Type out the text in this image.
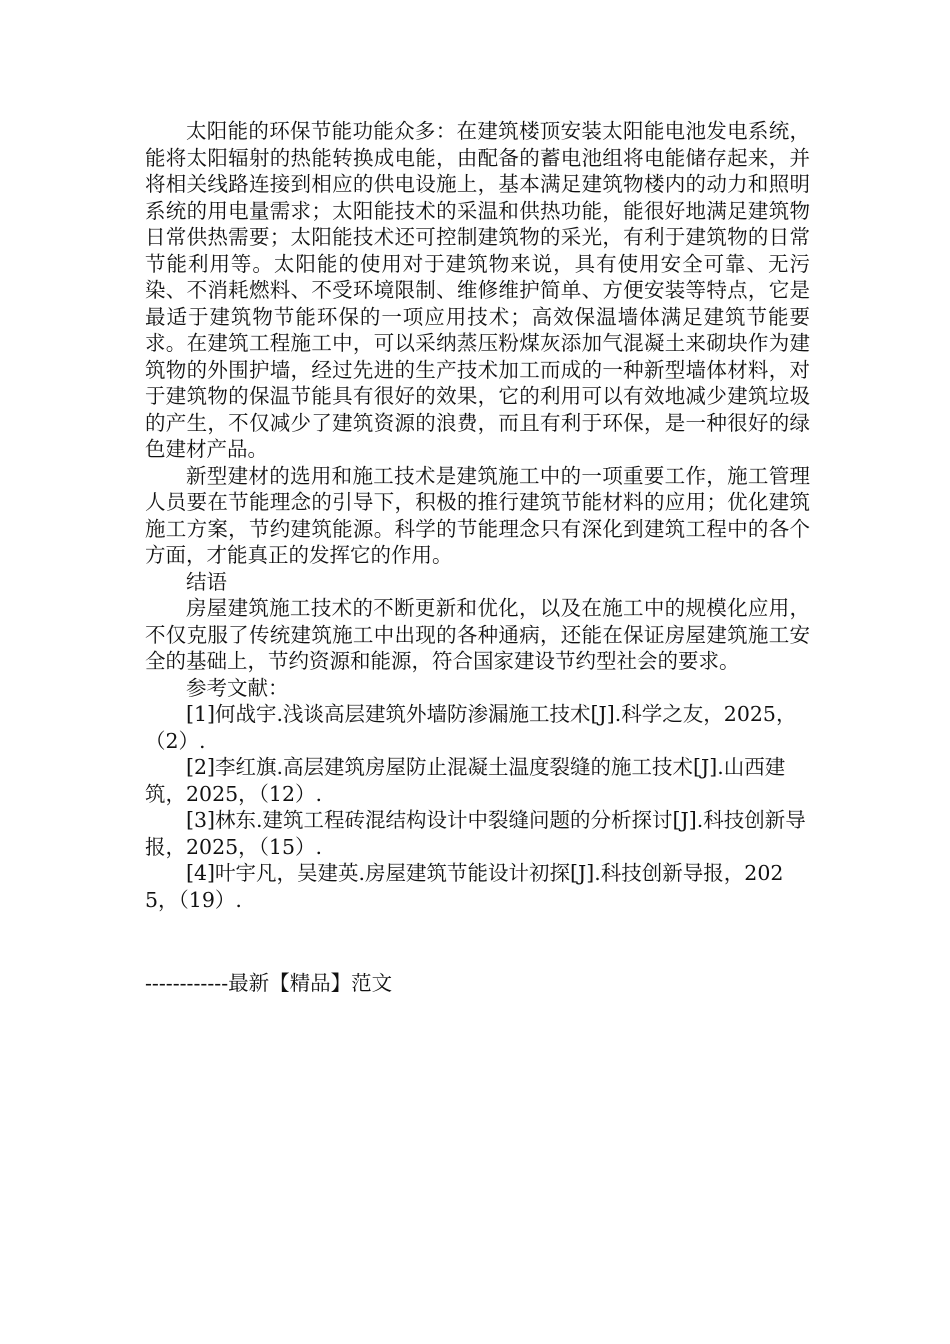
太阳能的环保节能功能众多：在建筑楼顶安装太阳能电池发电系统，能将太阳辐射的热能转换成电能，由配备的蓄电池组将电能储存起来，并将相关线路连接到相应的供电设施上，基本满足建筑物楼内的动力和照明系统的用电量需求；太阳能技术的采温和供热功能，能很好地满足建筑物日常供热需要；太阳能技术还可控制建筑物的采光，有利于建筑物的日常节能利用等。太阳能的使用对于建筑物来说，具有使用安全可靠、无污染、不消耗燃料、不受环境限制、维修维护简单、方便安装等特点，它是最适于建筑物节能环保的一项应用技术；高效保温墙体满足建筑节能要求。在建筑工程施工中，可以采纳蒸压粉煤灰添加气混凝土来砌块作为建筑物的外围护墙，经过先进的生产技术加工而成的一种新型墙体材料，对于建筑物的保温节能具有很好的效果，它的利用可以有效地减少建筑垃圾的产生，不仅减少了建筑资源的浪费，而且有利于环保，是一种很好的绿色建材产品。

新型建材的选用和施工技术是建筑施工中的一项重要工作，施工管理人员要在节能理念的引导下，积极的推行建筑节能材料的应用；优化建筑施工方案，节约建筑能源。科学的节能理念只有深化到建筑工程中的各个方面，才能真正的发挥它的作用。

结语

房屋建筑施工技术的不断更新和优化，以及在施工中的规模化应用，不仅克服了传统建筑施工中出现的各种通病，还能在保证房屋建筑施工安全的基础上，节约资源和能源，符合国家建设节约型社会的要求。

参考文献：

[1]何战宇.浅谈高层建筑外墙防渗漏施工技术[J].科学之友，2025，（2）.

[2]李红旗.高层建筑房屋防止混凝土温度裂缝的施工技术[J].山西建筑，2025，（12）.

[3]林东.建筑工程砖混结构设计中裂缝问题的分析探讨[J].科技创新导报，2025，（15）.

[4]叶宇凡，吴建英.房屋建筑节能设计初探[J].科技创新导报，2025，（19）.

------------最新【精品】范文
